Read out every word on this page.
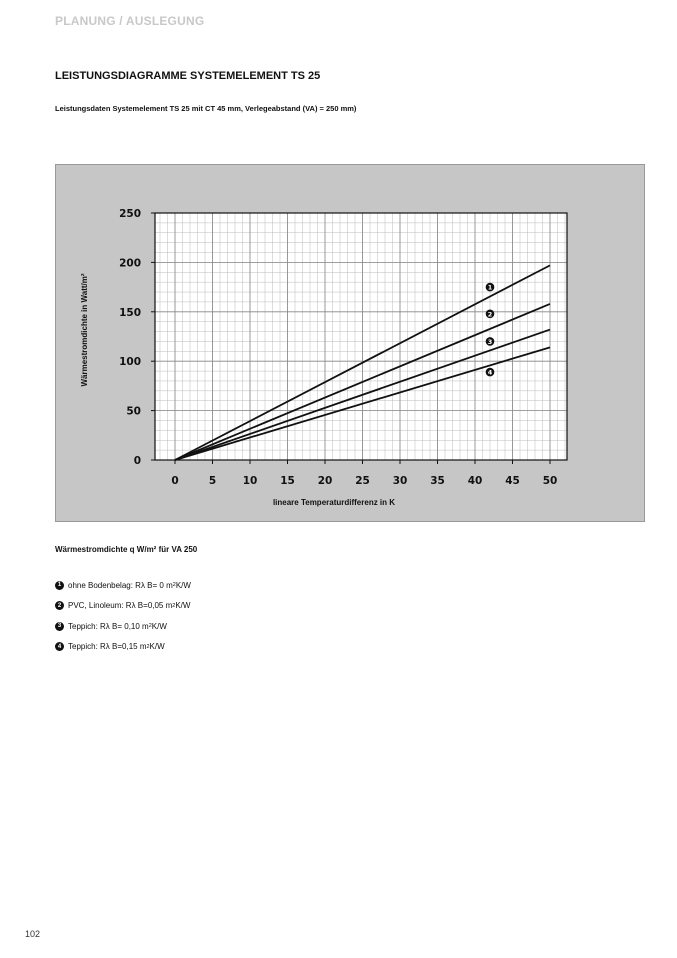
PLANUNG / AUSLEGUNG
LEISTUNGSDIAGRAMME SYSTEMELEMENT TS 25
Leistungsdaten Systemelement TS 25 mit CT 45 mm, Verlegeabstand (VA) = 250 mm)
0
50
100
150
200
250
0	5	10 15 20 25 30 35 40 45 50
1
2
3
4
lineare Temperaturdifferenz in K
Wärmestromdichte in Watt/m²
Wärmestromdichte q W/m² für VA 250
1 ohne Bodenbelag: Rλ B= 0 m 2 K/W
2 PVC, Linoleum: Rλ B=0,05 m 2 K/W
3 Teppich: Rλ B= 0,10 m 2 K/W
4 Teppich: Rλ B=0,15 m 2 K/W
102
